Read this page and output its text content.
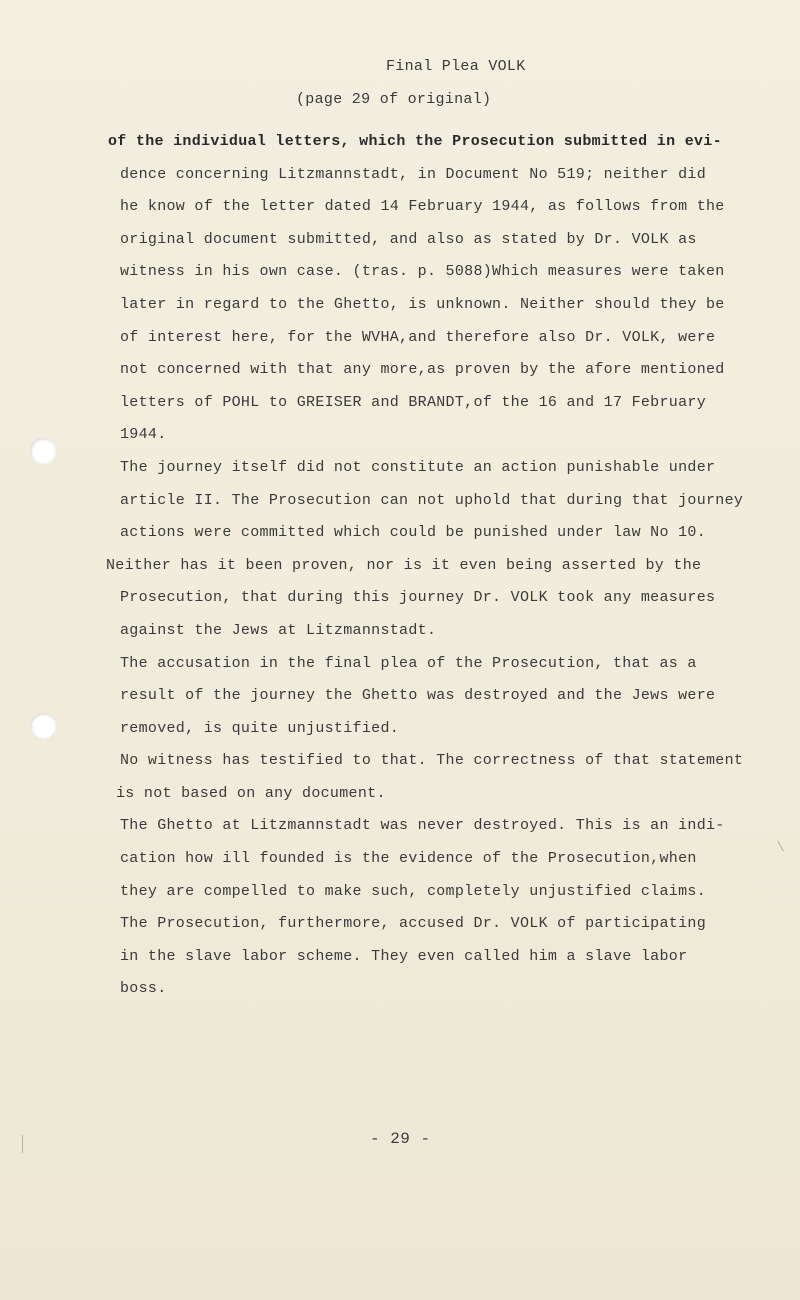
Final Plea VOLK
(page 29 of original)
of the individual letters, which the Prosecution submitted in evi-
dence concerning Litzmannstadt, in Document No 519; neither did
he know of the letter dated 14 February 1944, as follows from the
original document submitted, and also as stated by Dr. VOLK as
witness in his own case. (tras. p. 5088)Which measures were taken
later in regard to the Ghetto, is unknown. Neither should they be
of interest here, for the WVHA,and therefore also Dr. VOLK, were
not concerned with that any more,as proven by the afore mentioned
letters of POHL to GREISER and BRANDT,of the 16 and 17 February
1944.
The journey itself did not constitute an action punishable under
article II. The Prosecution can not uphold that during that journey
actions were committed which could be punished under law No 10.
Neither has it been proven, nor is it even being asserted by the
Prosecution, that during this journey Dr. VOLK took any measures
against the Jews at Litzmannstadt.
The accusation in the final plea of the Prosecution, that as a
result of the journey the Ghetto was destroyed and the Jews were
removed, is quite unjustified.
No witness has testified to that. The correctness of that statement
is not based on any document.
The Ghetto at Litzmannstadt was never destroyed. This is an indi-
cation how ill founded is the evidence of the Prosecution,when
they are compelled to make such, completely unjustified claims.
The Prosecution, furthermore, accused Dr. VOLK of participating
in the slave labor scheme. They even called him a slave labor
boss.
- 29 -
